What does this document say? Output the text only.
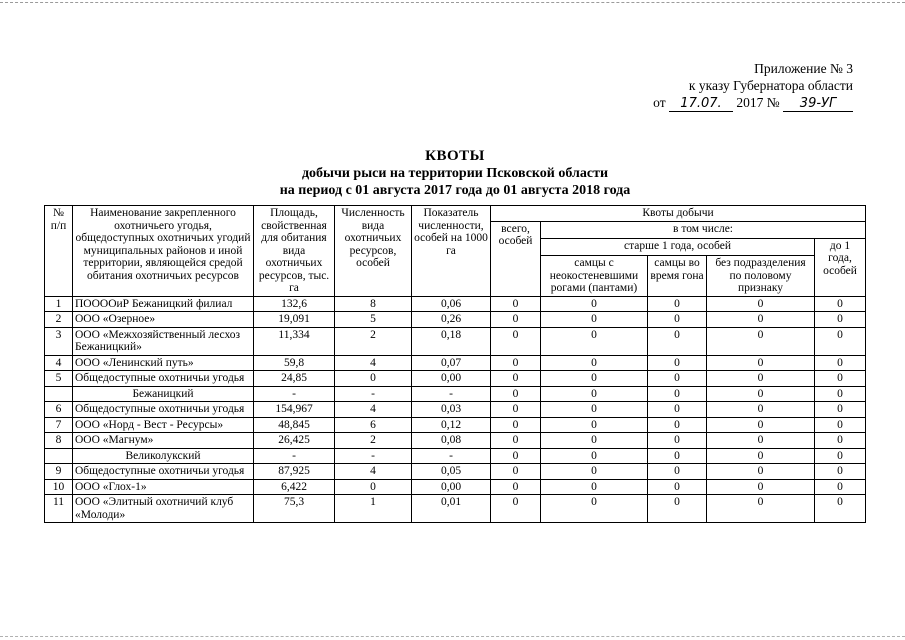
Приложение № 3
к указу Губернатора области
от 17.07. 2017 № 39-УГ
КВОТЫ
добычи рыси на территории Псковской области
на период с 01 августа 2017 года до 01 августа 2018 года
№ п/п	Наименование закрепленного охотничьего угодья, общедоступных охотничьих угодий муниципальных районов и иной территории, являющейся средой обитания охотничьих ресурсов	Площадь, свойственная для обитания вида охотничьих ресурсов, тыс. га	Численность вида охотничьих ресурсов, особей	Показатель численности, особей на 1000 га	Квоты добычи				
					всего, особей	в том числе:			
						старше 1 года, особей			до 1 года, особей
						самцы с неокостеневшими рогами (пантами)	самцы во время гона	без подразделения по половому признаку	
1	ПООООиР Бежаницкий филиал	132,6	8	0,06	0	0	0	0	0
2	ООО «Озерное»	19,091	5	0,26	0	0	0	0	0
3	ООО «Межхозяйственный лесхоз Бежаницкий»	11,334	2	0,18	0	0	0	0	0
4	ООО «Ленинский путь»	59,8	4	0,07	0	0	0	0	0
5	Общедоступные охотничьи угодья	24,85	0	0,00	0	0	0	0	0
	Бежаницкий	-	-	-	0	0	0	0	0
6	Общедоступные охотничьи угодья	154,967	4	0,03	0	0	0	0	0
7	ООО «Норд - Вест - Ресурсы»	48,845	6	0,12	0	0	0	0	0
8	ООО «Магнум»	26,425	2	0,08	0	0	0	0	0
	Великолукский	-	-	-	0	0	0	0	0
9	Общедоступные охотничьи угодья	87,925	4	0,05	0	0	0	0	0
10	ООО «Глох-1»	6,422	0	0,00	0	0	0	0	0
11	ООО «Элитный охотничий клуб «Молоди»	75,3	1	0,01	0	0	0	0	0
